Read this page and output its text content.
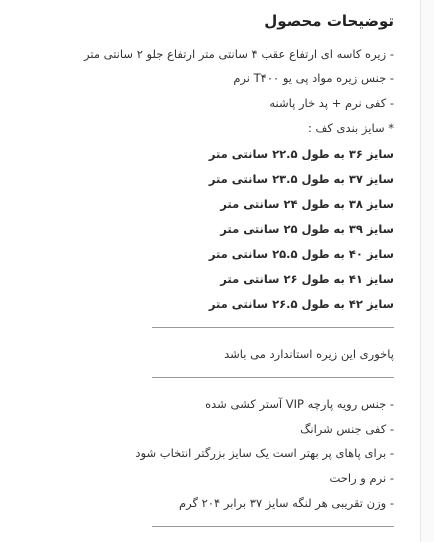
توضیحات محصول
- زیره کاسه ای ارتفاع عقب ۴ سانتی متر ارتفاع جلو ۲ سانتی متر
- جنس زیره مواد پی یو T۴۰۰ نرم
- کفی نرم + پد خار پاشنه
* سایز بندی کف :
سایز ۳۶ به طول ۲۲.۵ سانتی متر
سایز ۳۷ به طول ۲۳.۵ سانتی متر
سایز ۳۸ به طول ۲۴ سانتی متر
سایز ۳۹ به طول ۲۵ سانتی متر
سایز ۴۰ به طول ۲۵.۵ سانتی متر
سایز ۴۱ به طول ۲۶ سانتی متر
سایز ۴۲ به طول ۲۶.۵ سانتی متر
پاخوری این زیره استاندارد می باشد
- جنس رویه پارچه VIP آستر کشی شده
- کفی جنس شرانگ
- برای پاهای پر بهتر است یک سایز بزرگتر انتخاب شود
- نرم و راحت
- وزن تقریبی هر لنگه سایز ۳۷ برابر ۲۰۴ گرم
